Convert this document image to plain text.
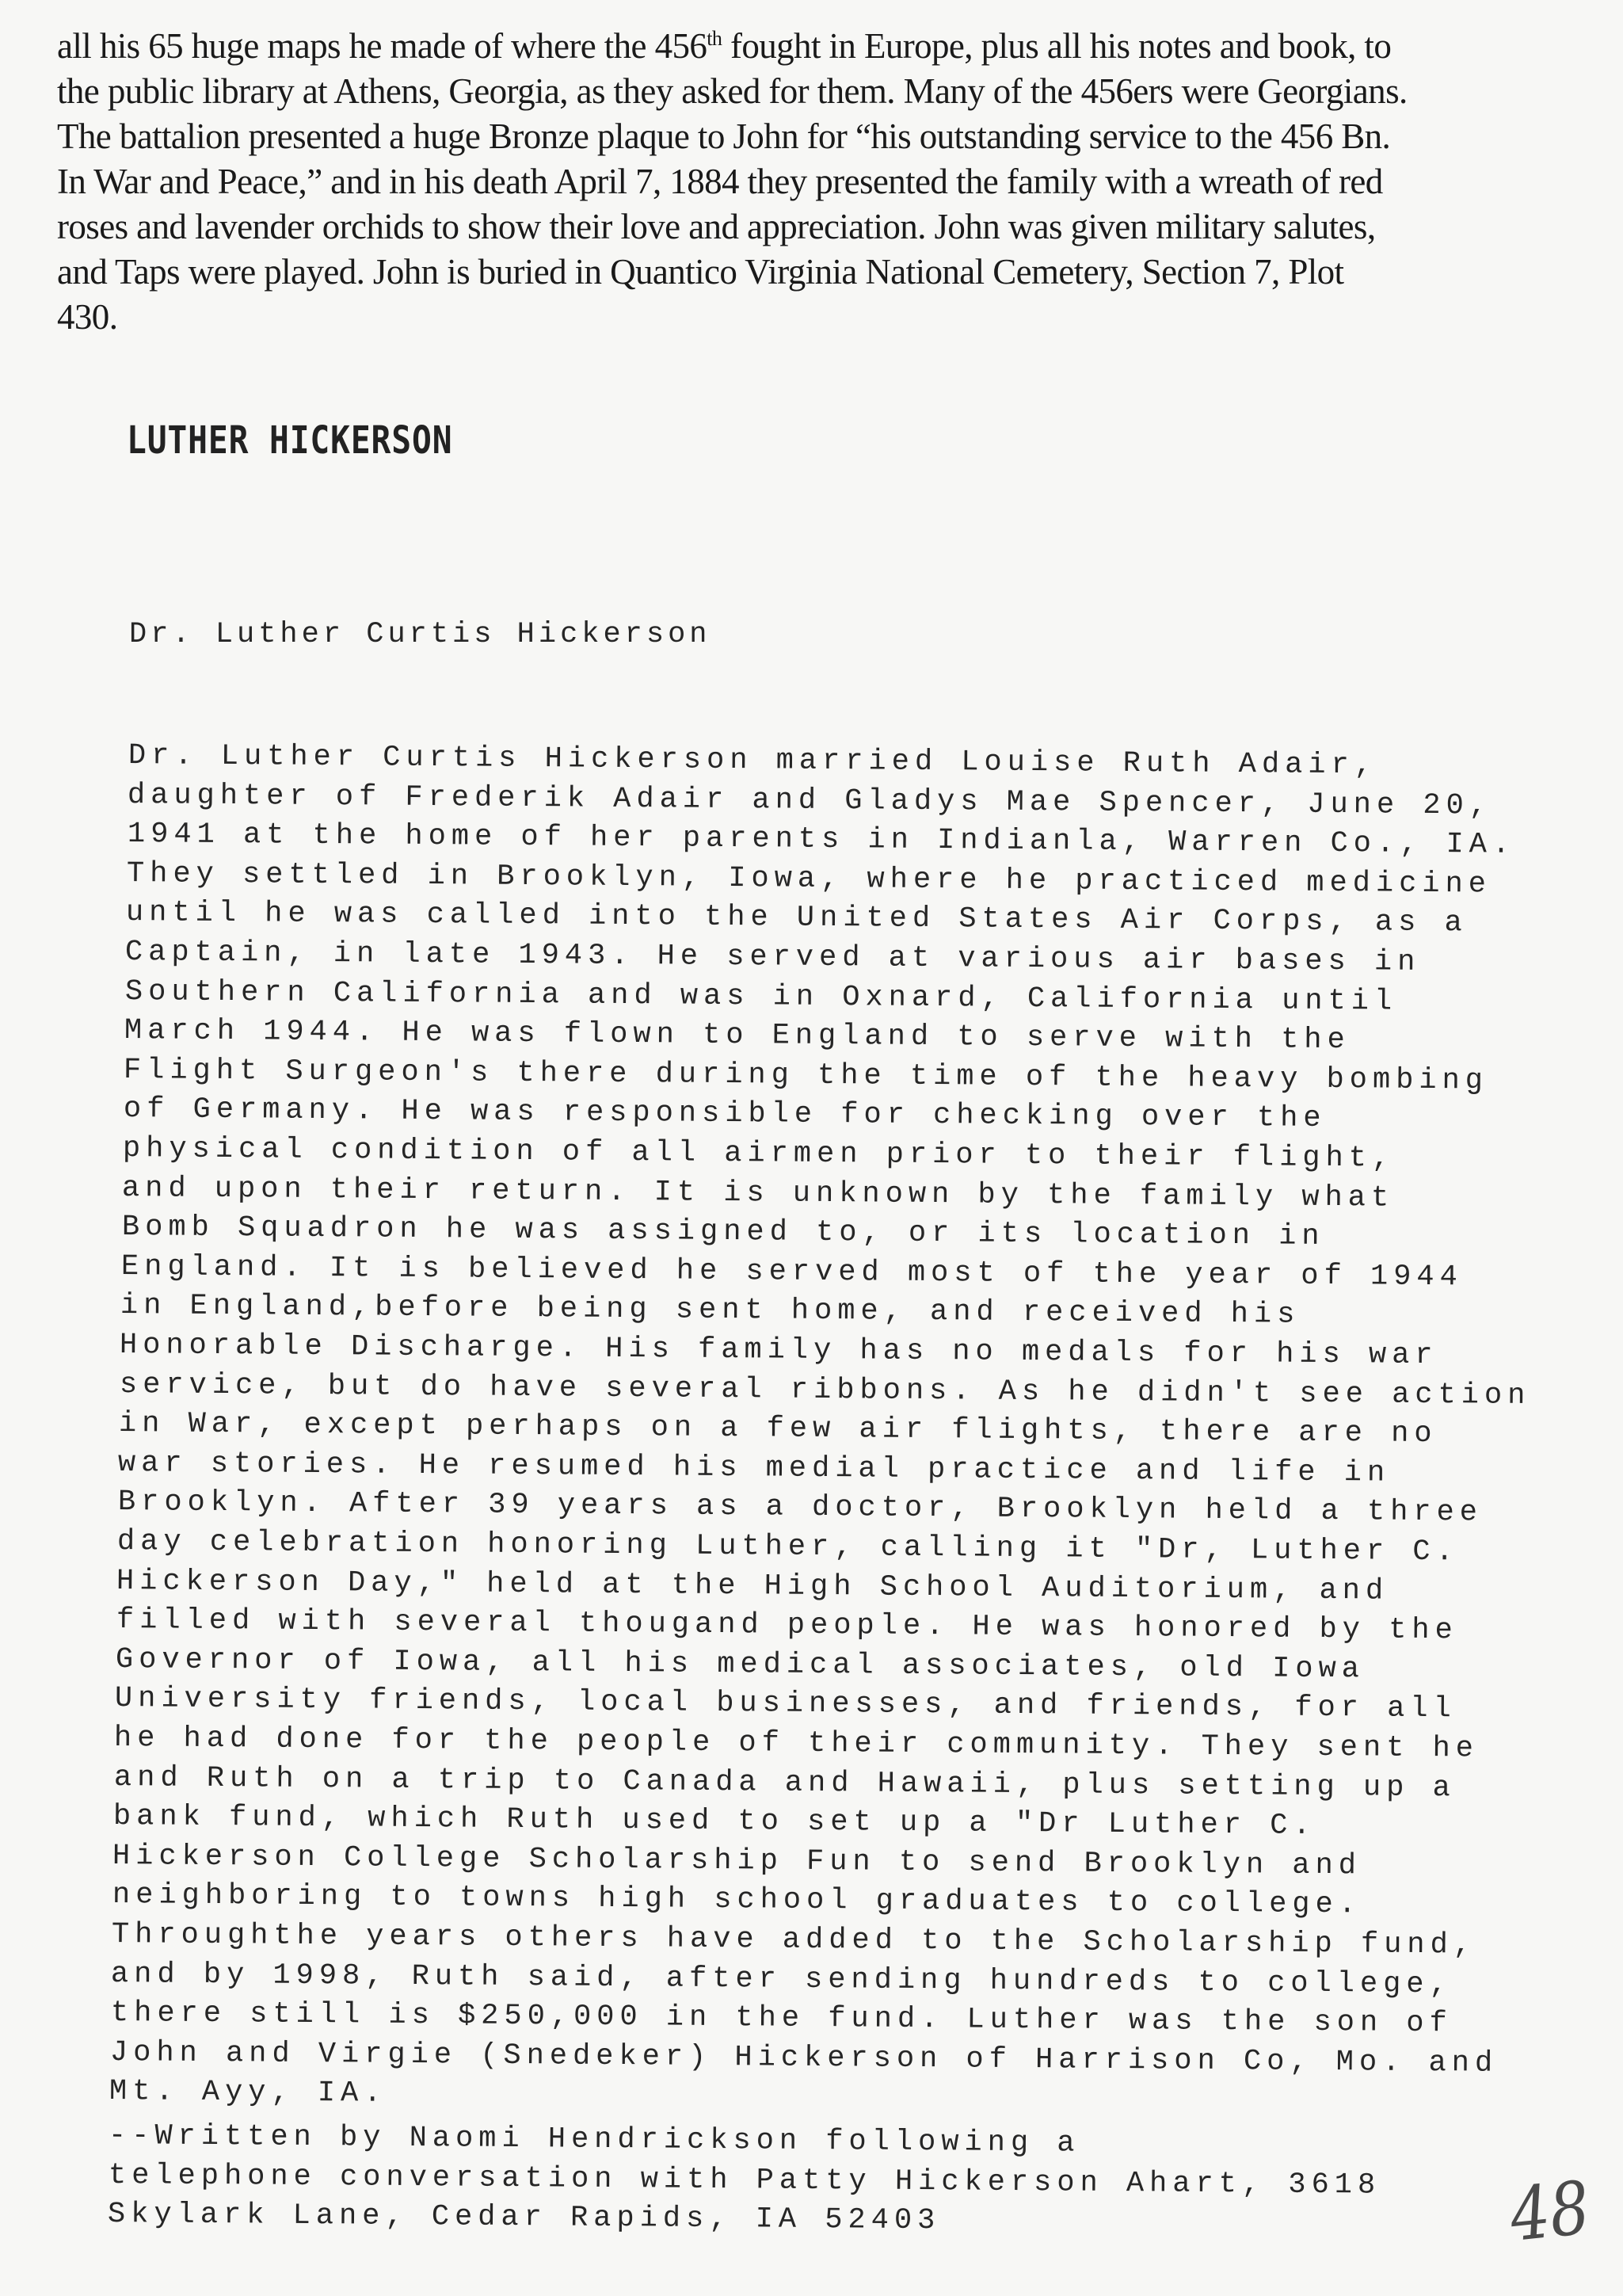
all his 65 huge maps he made of where the 456th fought in Europe, plus all his notes and book, to
the public library at Athens, Georgia, as they asked for them. Many of the 456ers were Georgians.
The battalion presented a huge Bronze plaque to John for “his outstanding service to the 456 Bn.
In War and Peace,” and in his death April 7, 1884 they presented the family with a wreath of red
roses and lavender orchids to show their love and appreciation. John was given military salutes,
and Taps were played. John is buried in Quantico Virginia National Cemetery, Section 7, Plot
430.
LUTHER HICKERSON
Dr. Luther Curtis Hickerson
Dr. Luther Curtis Hickerson married Louise Ruth Adair,
daughter of Frederik Adair and Gladys Mae Spencer, June 20,
1941 at the home of her parents in Indianla, Warren Co., IA.
They settled in Brooklyn, Iowa, where he practiced medicine
until he was called into the United States Air Corps, as a
Captain, in late 1943. He served at various air bases in
Southern California and was in Oxnard, California until
March 1944. He was flown to England to serve with the
Flight Surgeon's there during the time of the heavy bombing
of Germany. He was responsible for checking over the
physical condition of all airmen prior to their flight,
and upon their return. It is unknown by the family what
Bomb Squadron he was assigned to, or its location in
England. It is believed he served most of the year of 1944
in England,before being sent home, and received his
Honorable Discharge. His family has no medals for his war
service, but do have several ribbons. As he didn't see action
in War, except perhaps on a few air flights, there are no
war stories. He resumed his medial practice and life in
Brooklyn. After 39 years as a doctor, Brooklyn held a three
day celebration honoring Luther, calling it "Dr, Luther C.
Hickerson Day," held at the High School Auditorium, and
filled with several thougand people. He was honored by the
Governor of Iowa, all his medical associates, old Iowa
University friends, local businesses, and friends, for all
he had done for the people of their community. They sent he
and Ruth on a trip to Canada and Hawaii, plus setting up a
bank fund, which Ruth used to set up a "Dr Luther C.
Hickerson College Scholarship Fun to send Brooklyn and
neighboring to towns high school graduates to college.
Throughthe years others have added to the Scholarship fund,
and by 1998, Ruth said, after sending hundreds to college,
there still is $250,000 in the fund. Luther was the son of
John and Virgie (Snedeker) Hickerson of Harrison Co, Mo. and
Mt. Ayy, IA.
--Written by Naomi Hendrickson following a
telephone conversation with Patty Hickerson Ahart, 3618
Skylark Lane, Cedar Rapids, IA 52403	48
